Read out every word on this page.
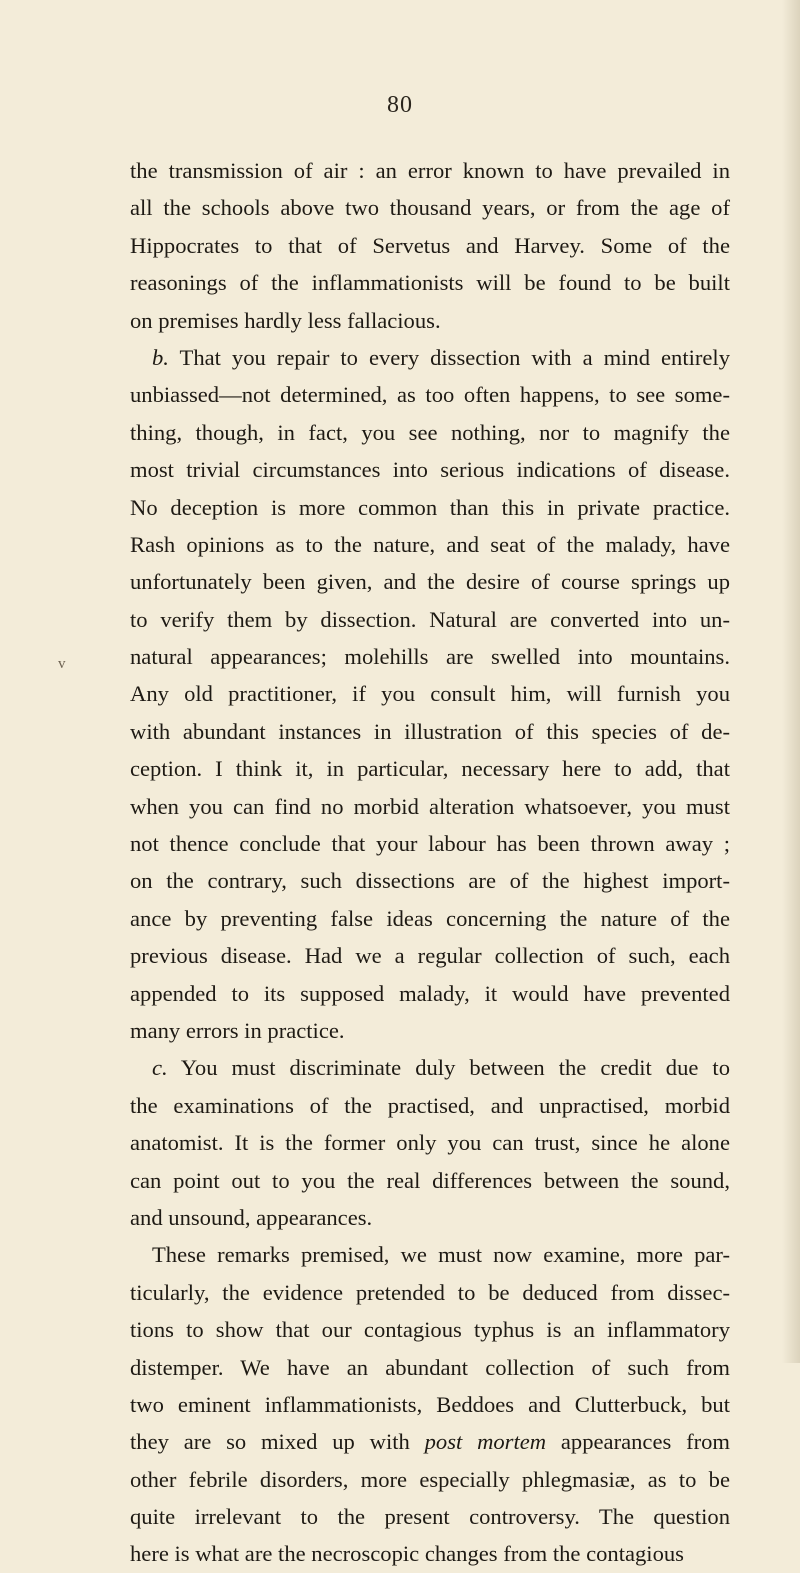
80
v
the transmission of air : an error known to have prevailed in
all the schools above two thousand years, or from the age of
Hippocrates to that of Servetus and Harvey. Some of the
reasonings of the inflammationists will be found to be built
on premises hardly less fallacious.
b. That you repair to every dissection with a mind entirely
unbiassed—not determined, as too often happens, to see some-
thing, though, in fact, you see nothing, nor to magnify the
most trivial circumstances into serious indications of disease.
No deception is more common than this in private practice.
Rash opinions as to the nature, and seat of the malady, have
unfortunately been given, and the desire of course springs up
to verify them by dissection. Natural are converted into un-
natural appearances; molehills are swelled into mountains.
Any old practitioner, if you consult him, will furnish you
with abundant instances in illustration of this species of de-
ception. I think it, in particular, necessary here to add, that
when you can find no morbid alteration whatsoever, you must
not thence conclude that your labour has been thrown away ;
on the contrary, such dissections are of the highest import-
ance by preventing false ideas concerning the nature of the
previous disease. Had we a regular collection of such, each
appended to its supposed malady, it would have prevented
many errors in practice.
c. You must discriminate duly between the credit due to
the examinations of the practised, and unpractised, morbid
anatomist. It is the former only you can trust, since he alone
can point out to you the real differences between the sound,
and unsound, appearances.
These remarks premised, we must now examine, more par-
ticularly, the evidence pretended to be deduced from dissec-
tions to show that our contagious typhus is an inflammatory
distemper. We have an abundant collection of such from
two eminent inflammationists, Beddoes and Clutterbuck, but
they are so mixed up with post mortem appearances from
other febrile disorders, more especially phlegmasiæ, as to be
quite irrelevant to the present controversy. The question
here is what are the necroscopic changes from the contagious
